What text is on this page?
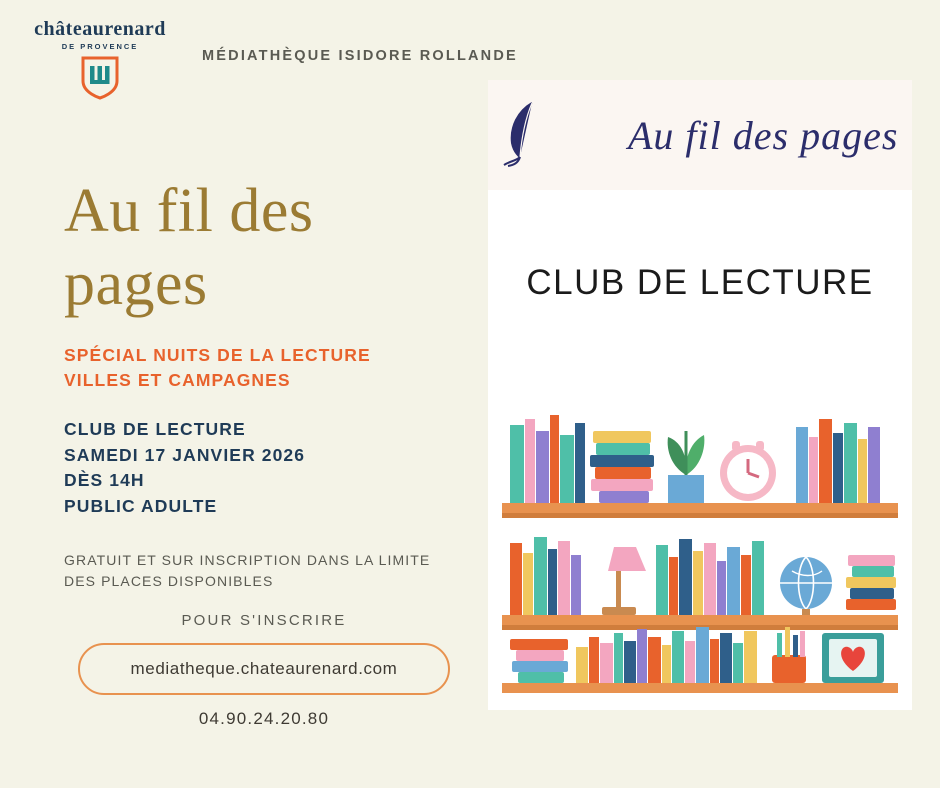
châteaurenard
DE PROVENCE
MÉDIATHÈQUE ISIDORE ROLLANDE
Au fil des
pages
SPÉCIAL NUITS DE LA LECTURE
VILLES ET CAMPAGNES
CLUB DE LECTURE
SAMEDI 17 JANVIER 2026
DÈS 14H
PUBLIC ADULTE
GRATUIT ET SUR INSCRIPTION DANS LA LIMITE
DES PLACES DISPONIBLES
POUR S'INSCRIRE
mediatheque.chateaurenard.com
04.90.24.20.80
Au fil des pages
CLUB DE LECTURE
